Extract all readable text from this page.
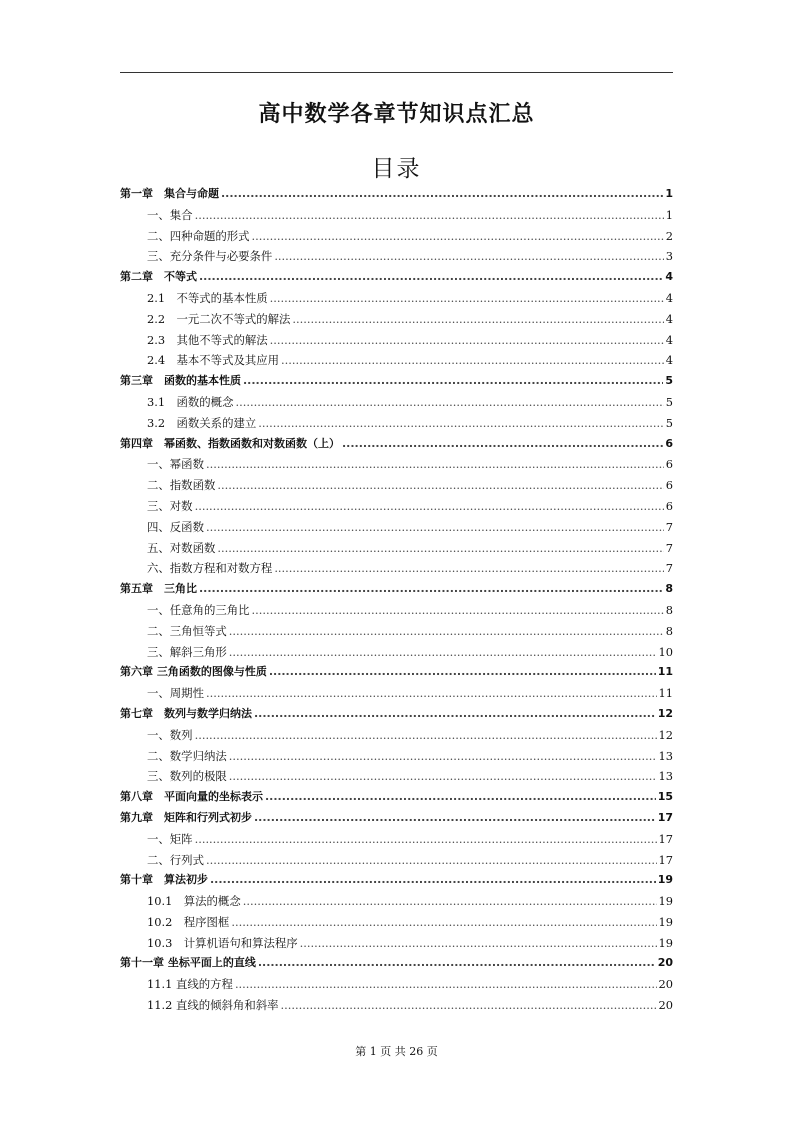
高中数学各章节知识点汇总
目录
第一章　集合与命题 .....	1
一、集合 .....	1
二、四种命题的形式 .....	2
三、充分条件与必要条件 .....	3
第二章　不等式 .....	4
2.1　不等式的基本性质 .....	4
2.2　一元二次不等式的解法 .....	4
2.3　其他不等式的解法 .....	4
2.4　基本不等式及其应用 .....	4
第三章　函数的基本性质 .....	5
3.1　函数的概念 .....	5
3.2　函数关系的建立 .....	5
第四章　幂函数、指数函数和对数函数（上） .....	6
一、幂函数 .....	6
二、指数函数 .....	6
三、对数 .....	6
四、反函数 .....	7
五、对数函数 .....	7
六、指数方程和对数方程 .....	7
第五章　三角比 .....	8
一、任意角的三角比 .....	8
二、三角恒等式 .....	8
三、解斜三角形 .....	10
第六章 三角函数的图像与性质 .....	11
一、周期性 .....	11
第七章　数列与数学归纳法 .....	12
一、数列 .....	12
二、数学归纳法 .....	13
三、数列的极限 .....	13
第八章　平面向量的坐标表示 .....	15
第九章　矩阵和行列式初步 .....	17
一、矩阵 .....	17
二、行列式 .....	17
第十章　算法初步 .....	19
10.1　算法的概念 .....	19
10.2　程序图框 .....	19
10.3　计算机语句和算法程序 .....	19
第十一章 坐标平面上的直线 .....	20
11.1 直线的方程 .....	20
11.2 直线的倾斜角和斜率 .....	20
第 1 页 共 26 页
